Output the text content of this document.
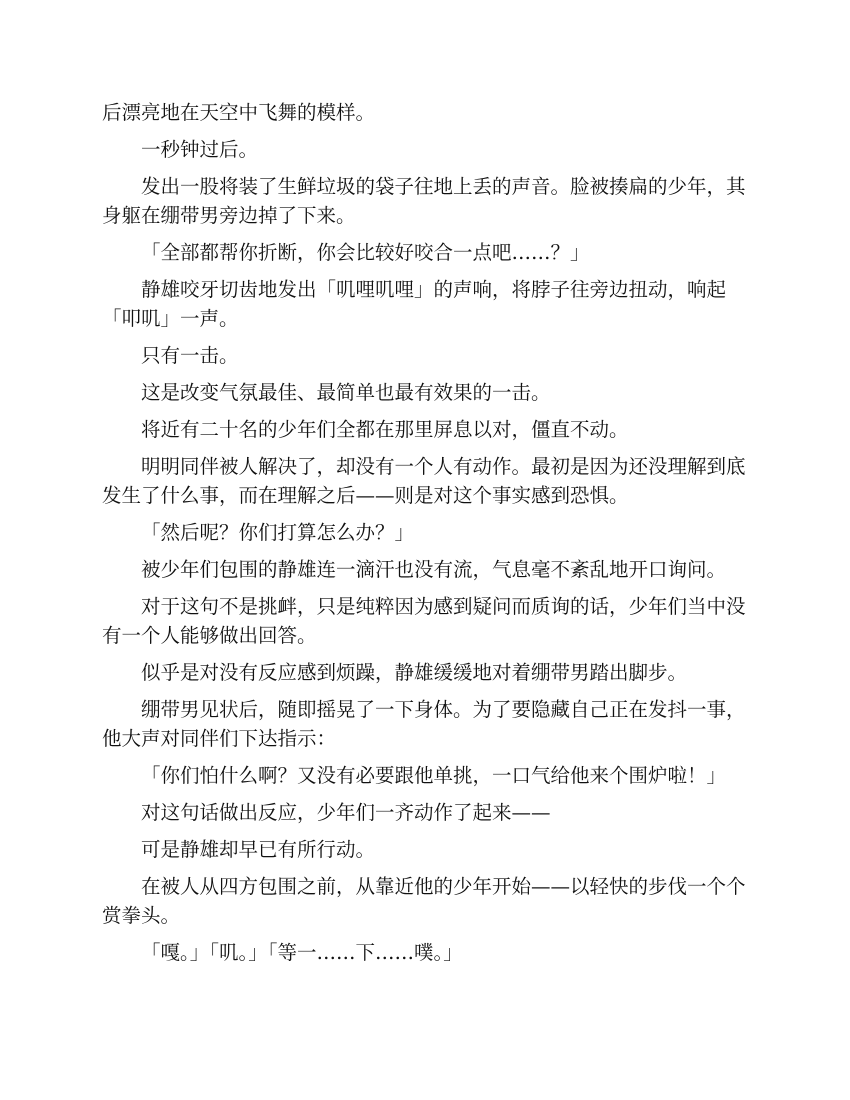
后漂亮地在天空中飞舞的模样。

一秒钟过后。

发出一股将装了生鲜垃圾的袋子往地上丢的声音。脸被揍扁的少年，其身躯在绷带男旁边掉了下来。

「全部都帮你折断，你会比较好咬合一点吧……？」

静雄咬牙切齿地发出「叽哩叽哩」的声响，将脖子往旁边扭动，响起「叩叽」一声。

只有一击。

这是改变气氛最佳、最简单也最有效果的一击。

将近有二十名的少年们全都在那里屏息以对，僵直不动。

明明同伴被人解决了，却没有一个人有动作。最初是因为还没理解到底发生了什么事，而在理解之后——则是对这个事实感到恐惧。

「然后呢？你们打算怎么办？」

被少年们包围的静雄连一滴汗也没有流，气息毫不紊乱地开口询问。

对于这句不是挑衅，只是纯粹因为感到疑问而质询的话，少年们当中没有一个人能够做出回答。

似乎是对没有反应感到烦躁，静雄缓缓地对着绷带男踏出脚步。

绷带男见状后，随即摇晃了一下身体。为了要隐藏自己正在发抖一事，他大声对同伴们下达指示：

「你们怕什么啊？又没有必要跟他单挑，一口气给他来个围炉啦！」

对这句话做出反应，少年们一齐动作了起来——

可是静雄却早已有所行动。

在被人从四方包围之前，从靠近他的少年开始——以轻快的步伐一个个赏拳头。

「嘎。」「叽。」「等一……下……噗。」
